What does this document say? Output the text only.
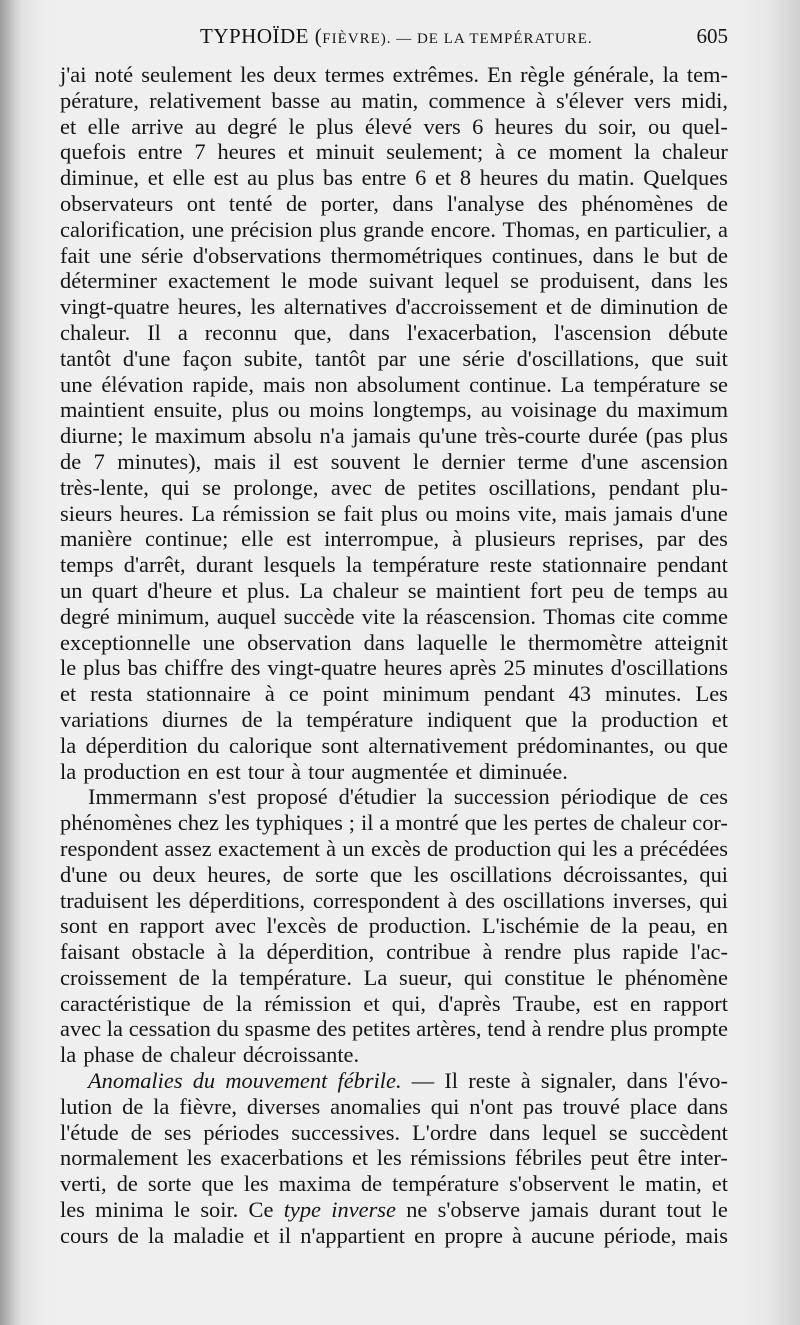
TYPHOÏDE (FIÈVRE). — DE LA TEMPÉRATURE.	605
j'ai noté seulement les deux termes extrêmes. En règle générale, la tem-
pérature, relativement basse au matin, commence à s'élever vers midi,
et elle arrive au degré le plus élevé vers 6 heures du soir, ou quel-
quefois entre 7 heures et minuit seulement; à ce moment la chaleur
diminue, et elle est au plus bas entre 6 et 8 heures du matin. Quelques
observateurs ont tenté de porter, dans l'analyse des phénomènes de
calorification, une précision plus grande encore. Thomas, en particulier, a
fait une série d'observations thermométriques continues, dans le but de
déterminer exactement le mode suivant lequel se produisent, dans les
vingt-quatre heures, les alternatives d'accroissement et de diminution de
chaleur. Il a reconnu que, dans l'exacerbation, l'ascension débute
tantôt d'une façon subite, tantôt par une série d'oscillations, que suit
une élévation rapide, mais non absolument continue. La température se
maintient ensuite, plus ou moins longtemps, au voisinage du maximum
diurne; le maximum absolu n'a jamais qu'une très-courte durée (pas plus
de 7 minutes), mais il est souvent le dernier terme d'une ascension
très-lente, qui se prolonge, avec de petites oscillations, pendant plu-
sieurs heures. La rémission se fait plus ou moins vite, mais jamais d'une
manière continue; elle est interrompue, à plusieurs reprises, par des
temps d'arrêt, durant lesquels la température reste stationnaire pendant
un quart d'heure et plus. La chaleur se maintient fort peu de temps au
degré minimum, auquel succède vite la réascension. Thomas cite comme
exceptionnelle une observation dans laquelle le thermomètre atteignit
le plus bas chiffre des vingt-quatre heures après 25 minutes d'oscillations
et resta stationnaire à ce point minimum pendant 43 minutes. Les
variations diurnes de la température indiquent que la production et
la déperdition du calorique sont alternativement prédominantes, ou que
la production en est tour à tour augmentée et diminuée.
Immermann s'est proposé d'étudier la succession périodique de ces
phénomènes chez les typhiques ; il a montré que les pertes de chaleur cor-
respondent assez exactement à un excès de production qui les a précédées
d'une ou deux heures, de sorte que les oscillations décroissantes, qui
traduisent les déperditions, correspondent à des oscillations inverses, qui
sont en rapport avec l'excès de production. L'ischémie de la peau, en
faisant obstacle à la déperdition, contribue à rendre plus rapide l'ac-
croissement de la température. La sueur, qui constitue le phénomène
caractéristique de la rémission et qui, d'après Traube, est en rapport
avec la cessation du spasme des petites artères, tend à rendre plus prompte
la phase de chaleur décroissante.
Anomalies du mouvement fébrile. — Il reste à signaler, dans l'évo-
lution de la fièvre, diverses anomalies qui n'ont pas trouvé place dans
l'étude de ses périodes successives. L'ordre dans lequel se succèdent
normalement les exacerbations et les rémissions fébriles peut être inter-
verti, de sorte que les maxima de température s'observent le matin, et
les minima le soir. Ce type inverse ne s'observe jamais durant tout le
cours de la maladie et il n'appartient en propre à aucune période, mais
